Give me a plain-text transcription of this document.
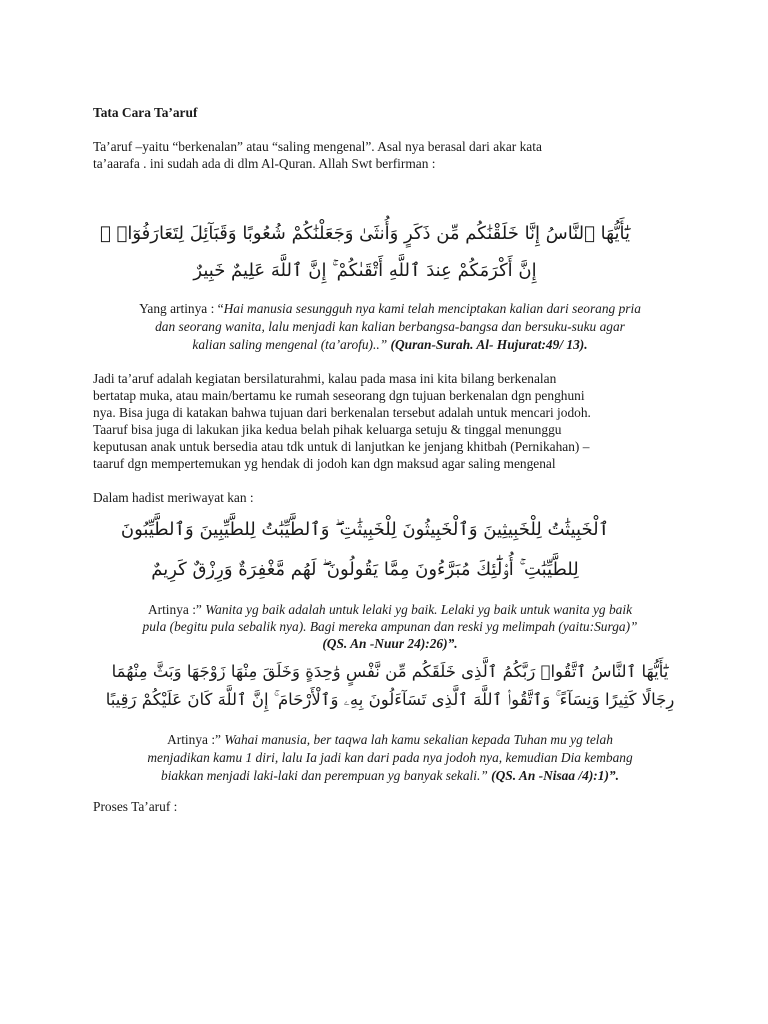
Tata Cara Ta’aruf
Ta’aruf –yaitu “berkenalan” atau “saling mengenal”. Asal nya berasal dari akar kata
ta’aarafa . ini sudah ada di dlm Al-Quran. Allah Swt berfirman :
يَٰٓأَيُّهَا ٱلنَّاسُ إِنَّا خَلَقْنَٰكُم مِّن ذَكَرٍ وَأُنثَىٰ وَجَعَلْنَٰكُمْ شُعُوبًا وَقَبَآئِلَ لِتَعَارَفُوٓا۟ ۚ
إِنَّ أَكْرَمَكُمْ عِندَ ٱللَّهِ أَتْقَىٰكُمْ ۚ إِنَّ ٱللَّهَ عَلِيمٌ خَبِيرٌ
Yang artinya : “Hai manusia sesungguh nya kami telah menciptakan kalian dari seorang pria
dan seorang wanita, lalu menjadi kan kalian berbangsa-bangsa dan bersuku-suku agar
kalian saling mengenal (ta’arofu)..” (Quran-Surah. Al- Hujurat:49/ 13).
Jadi ta’aruf adalah kegiatan bersilaturahmi, kalau pada masa ini kita bilang berkenalan
bertatap muka, atau main/bertamu ke rumah seseorang dgn tujuan berkenalan dgn penghuni
nya. Bisa juga di katakan bahwa tujuan dari berkenalan tersebut adalah untuk mencari jodoh.
Taaruf bisa juga di lakukan jika kedua belah pihak keluarga setuju & tinggal menunggu
keputusan anak untuk bersedia atau tdk untuk di lanjutkan ke jenjang khitbah (Pernikahan) –
taaruf dgn mempertemukan yg hendak di jodoh kan dgn maksud agar saling mengenal
Dalam hadist meriwayat kan :
ٱلْخَبِيثَٰتُ لِلْخَبِيثِينَ وَٱلْخَبِيثُونَ لِلْخَبِيثَٰتِ ۖ وَٱلطَّيِّبَٰتُ لِلطَّيِّبِينَ وَٱلطَّيِّبُونَ
لِلطَّيِّبَٰتِ ۚ أُو۟لَٰٓئِكَ مُبَرَّءُونَ مِمَّا يَقُولُونَ ۖ لَهُم مَّغْفِرَةٌ وَرِزْقٌ كَرِيمٌ
Artinya :” Wanita yg baik adalah untuk lelaki yg baik. Lelaki yg baik untuk wanita yg baik
pula (begitu pula sebalik nya). Bagi mereka ampunan dan reski yg melimpah (yaitu:Surga)”
(QS. An -Nuur 24):26)”.
يَٰٓأَيُّهَا ٱلنَّاسُ ٱتَّقُوا۟ رَبَّكُمُ ٱلَّذِى خَلَقَكُم مِّن نَّفْسٍ وَٰحِدَةٍ وَخَلَقَ مِنْهَا زَوْجَهَا وَبَثَّ مِنْهُمَا
رِجَالًا كَثِيرًا وَنِسَآءً ۚ وَٱتَّقُوا۟ ٱللَّهَ ٱلَّذِى تَسَآءَلُونَ بِهِۦ وَٱلْأَرْحَامَ ۚ إِنَّ ٱللَّهَ كَانَ عَلَيْكُمْ رَقِيبًا
Artinya :” Wahai manusia, ber taqwa lah kamu sekalian kepada Tuhan mu yg telah
menjadikan kamu 1 diri, lalu Ia jadi kan dari pada nya jodoh nya, kemudian Dia kembang
biakkan menjadi laki-laki dan perempuan yg banyak sekali.” (QS. An -Nisaa /4):1)”.
Proses Ta’aruf :
